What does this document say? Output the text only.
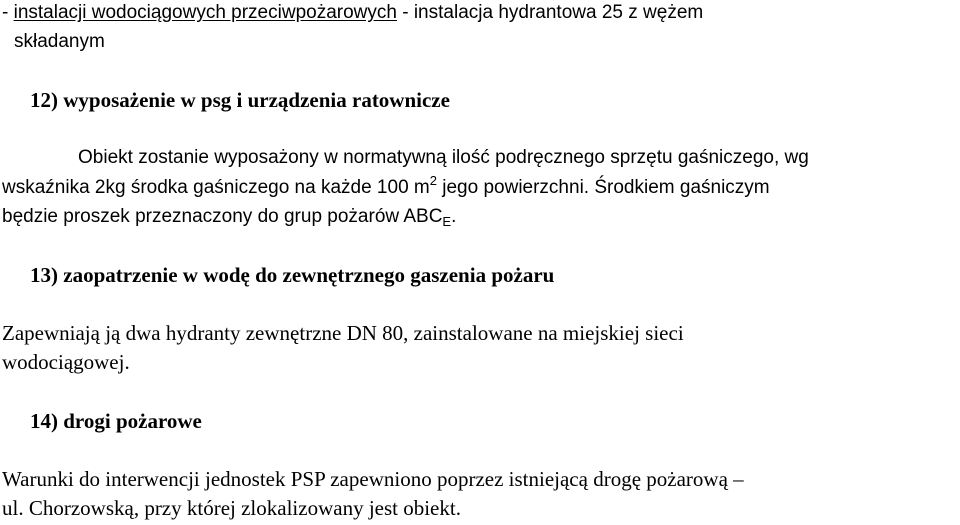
- instalacji wodociągowych przeciwpożarowych - instalacja hydrantowa 25 z wężem
składanym
12) wyposażenie w psg i urządzenia ratownicze
Obiekt zostanie wyposażony w normatywną ilość podręcznego sprzętu gaśniczego, wg
wskaźnika 2kg środka gaśniczego na każde 100 $m^2$ jego powierzchni. Środkiem gaśniczym
będzie proszek przeznaczony do grup pożarów $ABC_E$.
13) zaopatrzenie w wodę do zewnętrznego gaszenia pożaru
Zapewniają ją dwa hydranty zewnętrzne DN 80, zainstalowane na miejskiej sieci
wodociągowej.
14) drogi pożarowe
Warunki do interwencji jednostek PSP zapewniono poprzez istniejącą drogę pożarową –
ul. Chorzowską, przy której zlokalizowany jest obiekt.
